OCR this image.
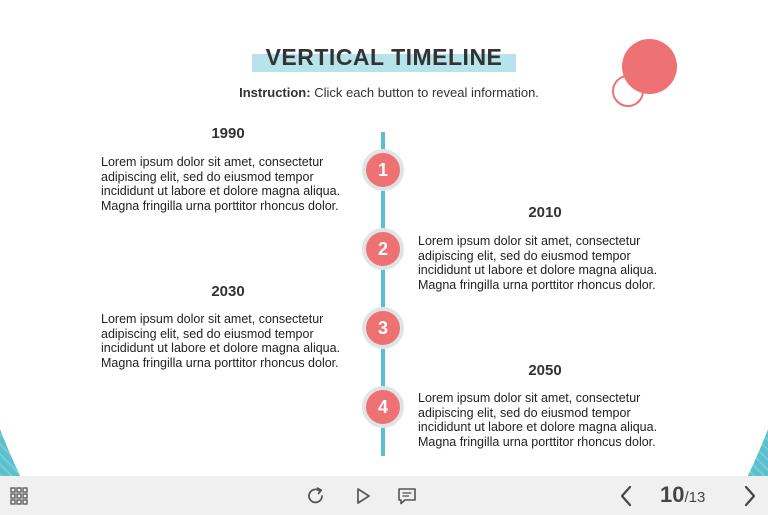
VERTICAL TIMELINE
Instruction: Click each button to reveal information.
1990
Lorem ipsum dolor sit amet, consectetur adipiscing elit, sed do eiusmod tempor incididunt ut labore et dolore magna aliqua. Magna fringilla urna porttitor rhoncus dolor.
1
2010
Lorem ipsum dolor sit amet, consectetur adipiscing elit, sed do eiusmod tempor incididunt ut labore et dolore magna aliqua. Magna fringilla urna porttitor rhoncus dolor.
2
2030
Lorem ipsum dolor sit amet, consectetur adipiscing elit, sed do eiusmod tempor incididunt ut labore et dolore magna aliqua. Magna fringilla urna porttitor rhoncus dolor.
3
2050
Lorem ipsum dolor sit amet, consectetur adipiscing elit, sed do eiusmod tempor incididunt ut labore et dolore magna aliqua. Magna fringilla urna porttitor rhoncus dolor.
4
10 /13
